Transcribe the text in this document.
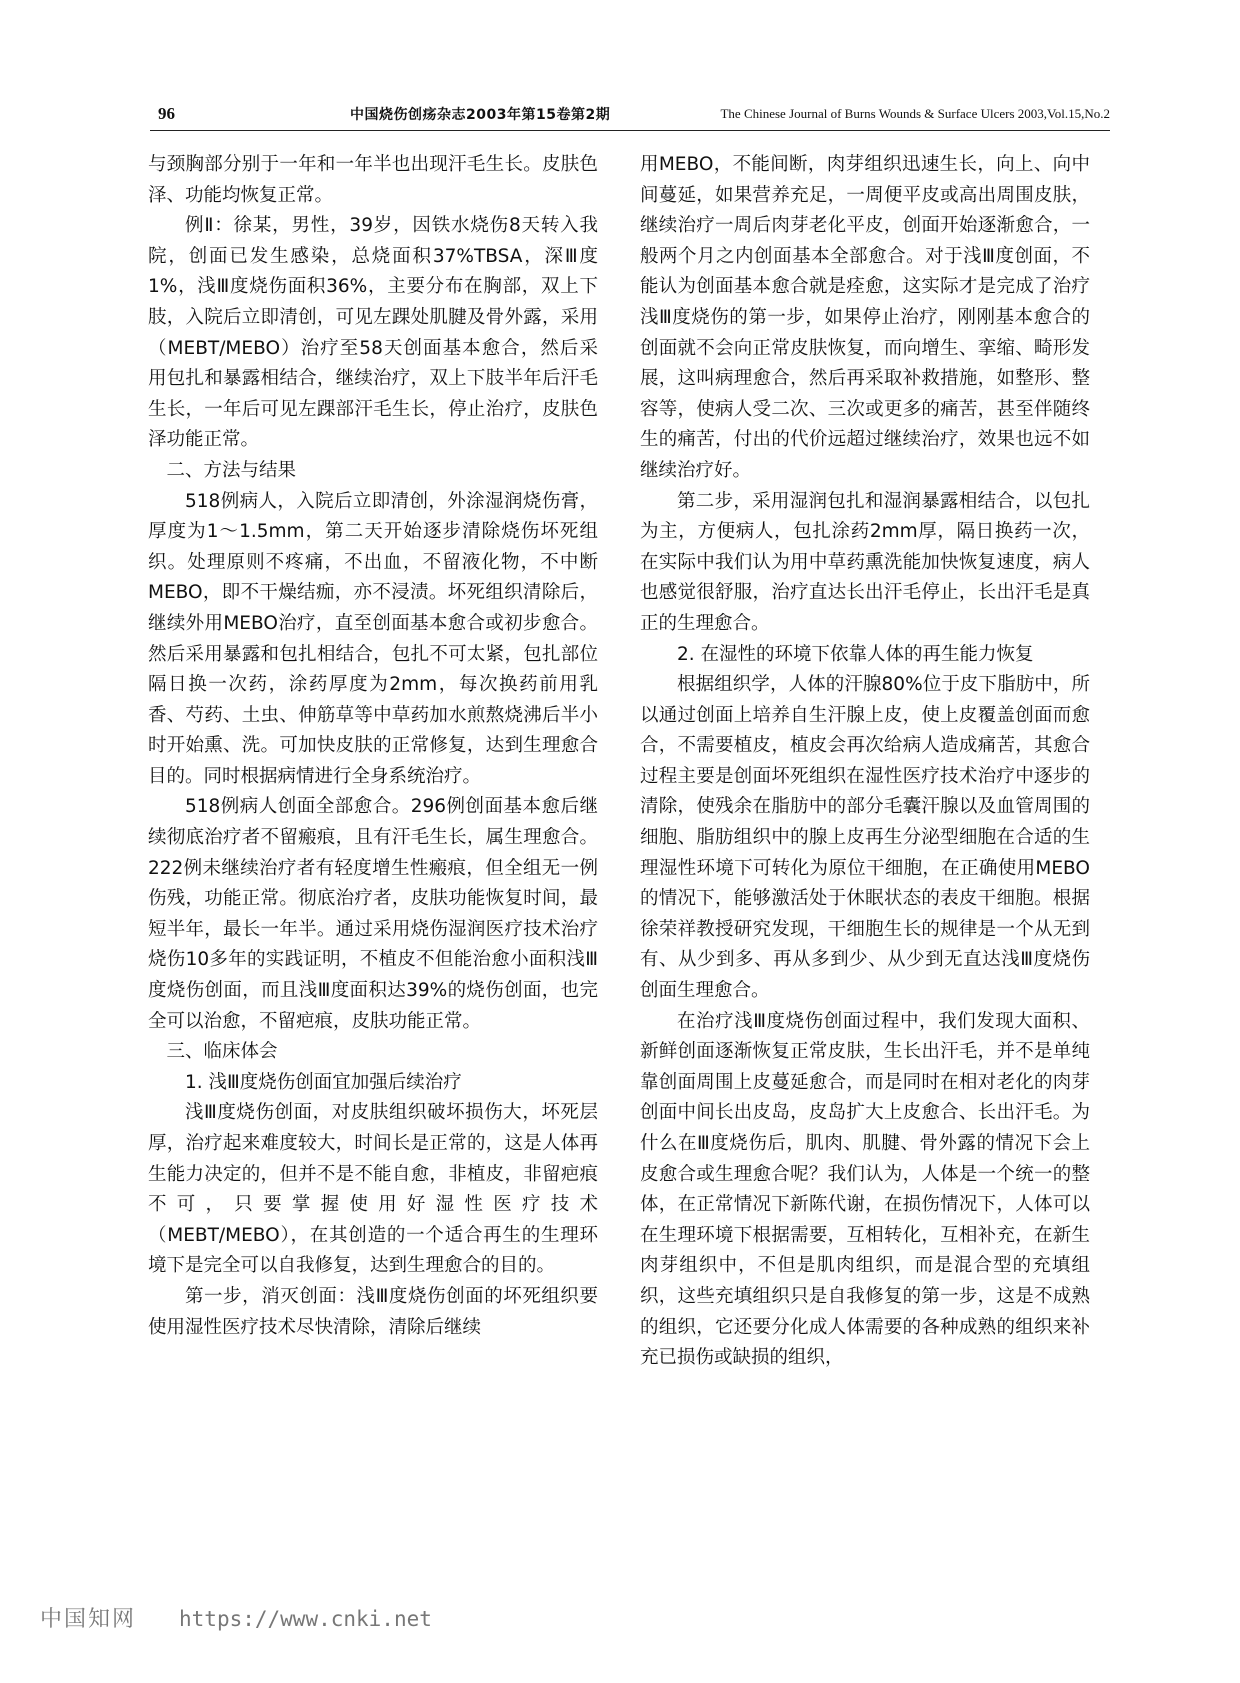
96	中国烧伤创疡杂志2003年第15卷第2期	The Chinese Journal of Burns Wounds & Surface Ulcers 2003,Vol.15,No.2

与颈胸部分别于一年和一年半也出现汗毛生长。皮肤色泽、功能均恢复正常。

例Ⅱ：徐某，男性，39岁，因铁水烧伤8天转入我院，创面已发生感染，总烧面积37%TBSA，深Ⅲ度1%，浅Ⅲ度烧伤面积36%，主要分布在胸部，双上下肢，入院后立即清创，可见左踝处肌腱及骨外露，采用（MEBT/MEBO）治疗至58天创面基本愈合，然后采用包扎和暴露相结合，继续治疗，双上下肢半年后汗毛生长，一年后可见左踝部汗毛生长，停止治疗，皮肤色泽功能正常。

二、方法与结果

518例病人，入院后立即清创，外涂湿润烧伤膏，厚度为1～1.5mm，第二天开始逐步清除烧伤坏死组织。处理原则不疼痛，不出血，不留液化物，不中断MEBO，即不干燥结痂，亦不浸渍。坏死组织清除后，继续外用MEBO治疗，直至创面基本愈合或初步愈合。然后采用暴露和包扎相结合，包扎不可太紧，包扎部位隔日换一次药，涂药厚度为2mm，每次换药前用乳香、芍药、土虫、伸筋草等中草药加水煎熬烧沸后半小时开始熏、洗。可加快皮肤的正常修复，达到生理愈合目的。同时根据病情进行全身系统治疗。

518例病人创面全部愈合。296例创面基本愈后继续彻底治疗者不留瘢痕，且有汗毛生长，属生理愈合。222例未继续治疗者有轻度增生性瘢痕，但全组无一例伤残，功能正常。彻底治疗者，皮肤功能恢复时间，最短半年，最长一年半。通过采用烧伤湿润医疗技术治疗烧伤10多年的实践证明，不植皮不但能治愈小面积浅Ⅲ度烧伤创面，而且浅Ⅲ度面积达39%的烧伤创面，也完全可以治愈，不留疤痕，皮肤功能正常。

三、临床体会

1. 浅Ⅲ度烧伤创面宜加强后续治疗

浅Ⅲ度烧伤创面，对皮肤组织破坏损伤大，坏死层厚，治疗起来难度较大，时间长是正常的，这是人体再生能力决定的，但并不是不能自愈，非植皮，非留疤痕不可，只要掌握使用好湿性医疗技术（MEBT/MEBO），在其创造的一个适合再生的生理环境下是完全可以自我修复，达到生理愈合的目的。

第一步，消灭创面：浅Ⅲ度烧伤创面的坏死组织要使用湿性医疗技术尽快清除，清除后继续

用MEBO，不能间断，肉芽组织迅速生长，向上、向中间蔓延，如果营养充足，一周便平皮或高出周围皮肤，继续治疗一周后肉芽老化平皮，创面开始逐渐愈合，一般两个月之内创面基本全部愈合。对于浅Ⅲ度创面，不能认为创面基本愈合就是痊愈，这实际才是完成了治疗浅Ⅲ度烧伤的第一步，如果停止治疗，刚刚基本愈合的创面就不会向正常皮肤恢复，而向增生、挛缩、畸形发展，这叫病理愈合，然后再采取补救措施，如整形、整容等，使病人受二次、三次或更多的痛苦，甚至伴随终生的痛苦，付出的代价远超过继续治疗，效果也远不如继续治疗好。

第二步，采用湿润包扎和湿润暴露相结合，以包扎为主，方便病人，包扎涂药2mm厚，隔日换药一次，在实际中我们认为用中草药熏洗能加快恢复速度，病人也感觉很舒服，治疗直达长出汗毛停止，长出汗毛是真正的生理愈合。

2. 在湿性的环境下依靠人体的再生能力恢复

根据组织学，人体的汗腺80%位于皮下脂肪中，所以通过创面上培养自生汗腺上皮，使上皮覆盖创面而愈合，不需要植皮，植皮会再次给病人造成痛苦，其愈合过程主要是创面坏死组织在湿性医疗技术治疗中逐步的清除，使残余在脂肪中的部分毛囊汗腺以及血管周围的细胞、脂肪组织中的腺上皮再生分泌型细胞在合适的生理湿性环境下可转化为原位干细胞，在正确使用MEBO的情况下，能够激活处于休眠状态的表皮干细胞。根据徐荣祥教授研究发现，干细胞生长的规律是一个从无到有、从少到多、再从多到少、从少到无直达浅Ⅲ度烧伤创面生理愈合。

在治疗浅Ⅲ度烧伤创面过程中，我们发现大面积、新鲜创面逐渐恢复正常皮肤，生长出汗毛，并不是单纯靠创面周围上皮蔓延愈合，而是同时在相对老化的肉芽创面中间长出皮岛，皮岛扩大上皮愈合、长出汗毛。为什么在Ⅲ度烧伤后，肌肉、肌腱、骨外露的情况下会上皮愈合或生理愈合呢？我们认为，人体是一个统一的整体，在正常情况下新陈代谢，在损伤情况下，人体可以在生理环境下根据需要，互相转化，互相补充，在新生肉芽组织中，不但是肌肉组织，而是混合型的充填组织，这些充填组织只是自我修复的第一步，这是不成熟的组织，它还要分化成人体需要的各种成熟的组织来补充已损伤或缺损的组织，

中国知网 https://www.cnki.net
